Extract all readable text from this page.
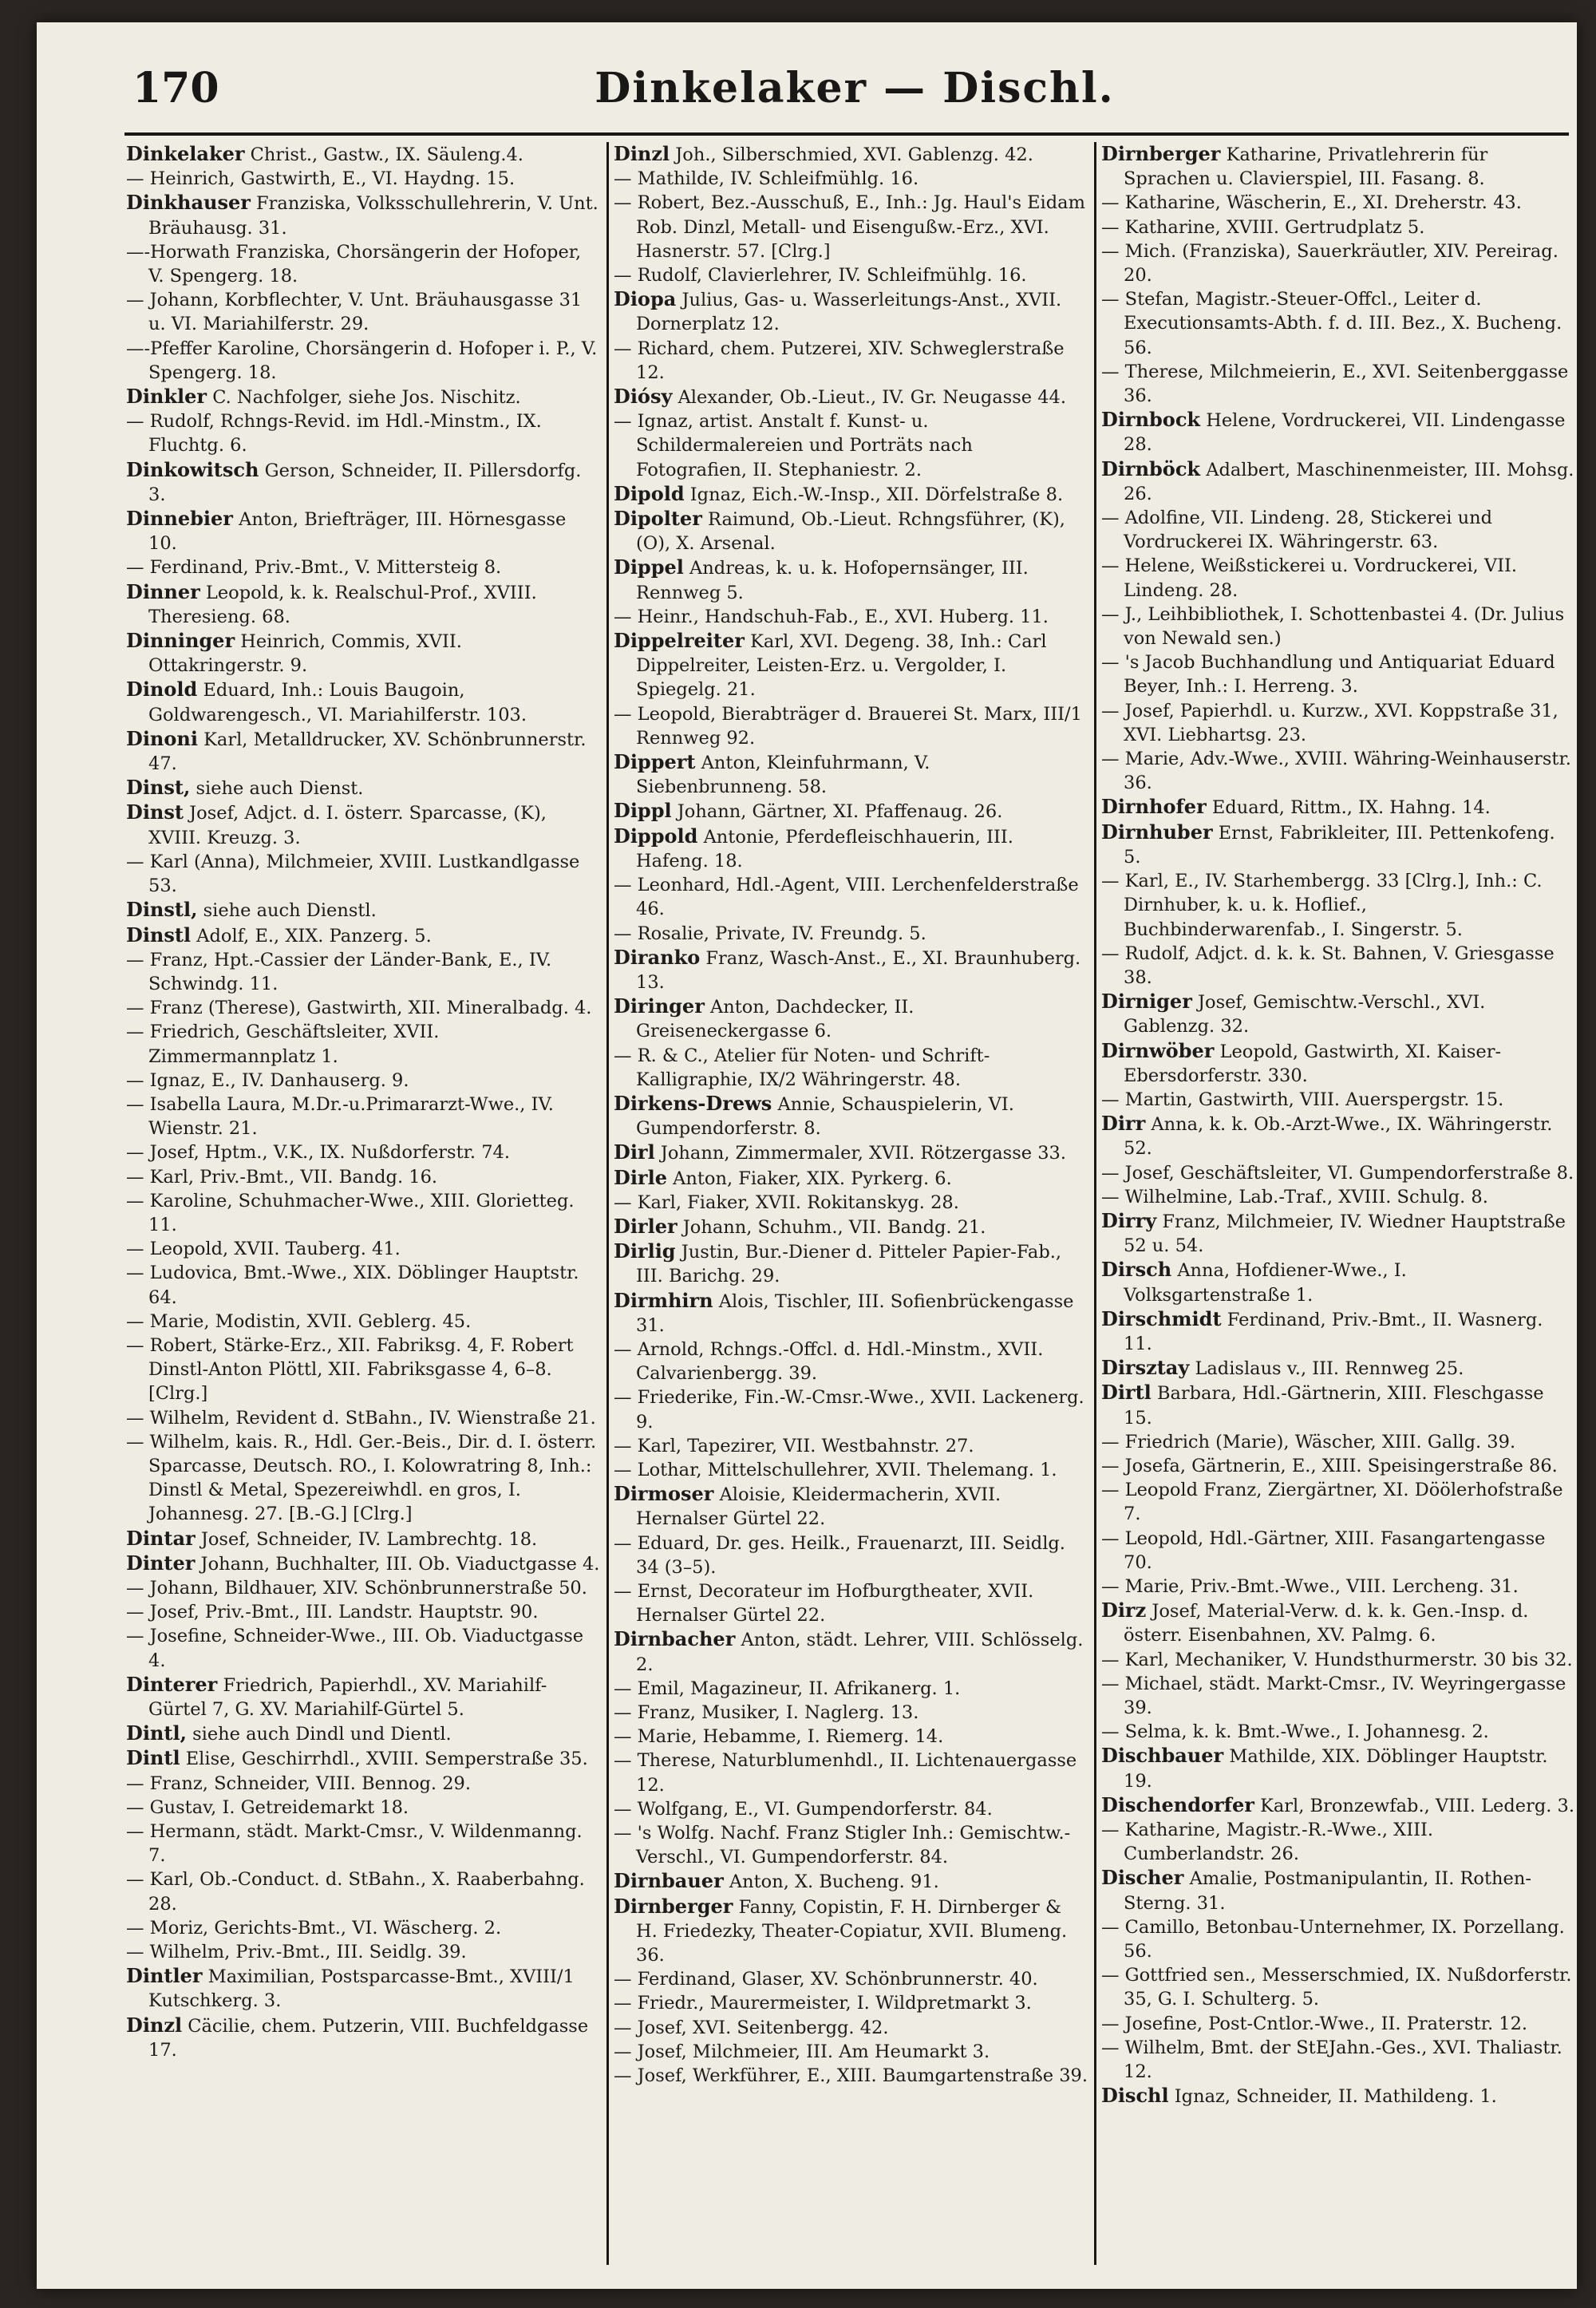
170	Dinkelaker — Dischl.

Dinkelaker Christ., Gastw., IX. Säuleng.4.

— Heinrich, Gastwirth, E., VI. Haydng. 15.

Dinkhauser Franziska, Volksschullehrerin, V. Unt. Bräuhausg. 31.

—-Horwath Franziska, Chorsängerin der Hofoper, V. Spengerg. 18.

— Johann, Korbflechter, V. Unt. Bräuhausgasse 31 u. VI. Mariahilferstr. 29.

—-Pfeffer Karoline, Chorsängerin d. Hofoper i. P., V. Spengerg. 18.

Dinkler C. Nachfolger, siehe Jos. Nischitz.

— Rudolf, Rchngs-Revid. im Hdl.-Minstm., IX. Fluchtg. 6.

Dinkowitsch Gerson, Schneider, II. Pillersdorfg. 3.

Dinnebier Anton, Briefträger, III. Hörnesgasse 10.

— Ferdinand, Priv.-Bmt., V. Mittersteig 8.

Dinner Leopold, k. k. Realschul-Prof., XVIII. Theresieng. 68.

Dinninger Heinrich, Commis, XVII. Ottakringerstr. 9.

Dinold Eduard, Inh.: Louis Baugoin, Goldwarengesch., VI. Mariahilferstr. 103.

Dinoni Karl, Metalldrucker, XV. Schönbrunnerstr. 47.

Dinst, siehe auch Dienst.

Dinst Josef, Adjct. d. I. österr. Sparcasse, (K), XVIII. Kreuzg. 3.

— Karl (Anna), Milchmeier, XVIII. Lustkandlgasse 53.

Dinstl, siehe auch Dienstl.

Dinstl Adolf, E., XIX. Panzerg. 5.

— Franz, Hpt.-Cassier der Länder-Bank, E., IV. Schwindg. 11.

— Franz (Therese), Gastwirth, XII. Mineralbadg. 4.

— Friedrich, Geschäftsleiter, XVII. Zimmermannplatz 1.

— Ignaz, E., IV. Danhauserg. 9.

— Isabella Laura, M.Dr.-u.Primararzt-Wwe., IV. Wienstr. 21.

— Josef, Hptm., V.K., IX. Nußdorferstr. 74.

— Karl, Priv.-Bmt., VII. Bandg. 16.

— Karoline, Schuhmacher-Wwe., XIII. Glorietteg. 11.

— Leopold, XVII. Tauberg. 41.

— Ludovica, Bmt.-Wwe., XIX. Döblinger Hauptstr. 64.

— Marie, Modistin, XVII. Geblerg. 45.

— Robert, Stärke-Erz., XII. Fabriksg. 4, F. Robert Dinstl-Anton Plöttl, XII. Fabriksgasse 4, 6–8. [Clrg.]

— Wilhelm, Revident d. StBahn., IV. Wienstraße 21.

— Wilhelm, kais. R., Hdl. Ger.-Beis., Dir. d. I. österr. Sparcasse, Deutsch. RO., I. Kolowratring 8, Inh.: Dinstl & Metal, Spezereiwhdl. en gros, I. Johannesg. 27. [B.-G.] [Clrg.]

Dintar Josef, Schneider, IV. Lambrechtg. 18.

Dinter Johann, Buchhalter, III. Ob. Viaductgasse 4.

— Johann, Bildhauer, XIV. Schönbrunnerstraße 50.

— Josef, Priv.-Bmt., III. Landstr. Hauptstr. 90.

— Josefine, Schneider-Wwe., III. Ob. Viaductgasse 4.

Dinterer Friedrich, Papierhdl., XV. Mariahilf-Gürtel 7, G. XV. Mariahilf-Gürtel 5.

Dintl, siehe auch Dindl und Dientl.

Dintl Elise, Geschirrhdl., XVIII. Semperstraße 35.

— Franz, Schneider, VIII. Bennog. 29.

— Gustav, I. Getreidemarkt 18.

— Hermann, städt. Markt-Cmsr., V. Wildenmanng. 7.

— Karl, Ob.-Conduct. d. StBahn., X. Raaberbahng. 28.

— Moriz, Gerichts-Bmt., VI. Wäscherg. 2.

— Wilhelm, Priv.-Bmt., III. Seidlg. 39.

Dintler Maximilian, Postsparcasse-Bmt., XVIII/1 Kutschkerg. 3.

Dinzl Cäcilie, chem. Putzerin, VIII. Buchfeldgasse 17.

Dinzl Joh., Silberschmied, XVI. Gablenzg. 42.

— Mathilde, IV. Schleifmühlg. 16.

— Robert, Bez.-Ausschuß, E., Inh.: Jg. Haul's Eidam Rob. Dinzl, Metall- und Eisengußw.-Erz., XVI. Hasnerstr. 57. [Clrg.]

— Rudolf, Clavierlehrer, IV. Schleifmühlg. 16.

Diopa Julius, Gas- u. Wasserleitungs-Anst., XVII. Dornerplatz 12.

— Richard, chem. Putzerei, XIV. Schweglerstraße 12.

Diósy Alexander, Ob.-Lieut., IV. Gr. Neugasse 44.

— Ignaz, artist. Anstalt f. Kunst- u. Schildermalereien und Porträts nach Fotografien, II. Stephaniestr. 2.

Dipold Ignaz, Eich.-W.-Insp., XII. Dörfelstraße 8.

Dipolter Raimund, Ob.-Lieut. Rchngsführer, (K), (O), X. Arsenal.

Dippel Andreas, k. u. k. Hofopernsänger, III. Rennweg 5.

— Heinr., Handschuh-Fab., E., XVI. Huberg. 11.

Dippelreiter Karl, XVI. Degeng. 38, Inh.: Carl Dippelreiter, Leisten-Erz. u. Vergolder, I. Spiegelg. 21.

— Leopold, Bierabträger d. Brauerei St. Marx, III/1 Rennweg 92.

Dippert Anton, Kleinfuhrmann, V. Siebenbrunneng. 58.

Dippl Johann, Gärtner, XI. Pfaffenaug. 26.

Dippold Antonie, Pferdefleischhauerin, III. Hafeng. 18.

— Leonhard, Hdl.-Agent, VIII. Lerchenfelderstraße 46.

— Rosalie, Private, IV. Freundg. 5.

Diranko Franz, Wasch-Anst., E., XI. Braunhuberg. 13.

Diringer Anton, Dachdecker, II. Greiseneckergasse 6.

— R. & C., Atelier für Noten- und Schrift-Kalligraphie, IX/2 Währingerstr. 48.

Dirkens-Drews Annie, Schauspielerin, VI. Gumpendorferstr. 8.

Dirl Johann, Zimmermaler, XVII. Rötzergasse 33.

Dirle Anton, Fiaker, XIX. Pyrkerg. 6.

— Karl, Fiaker, XVII. Rokitanskyg. 28.

Dirler Johann, Schuhm., VII. Bandg. 21.

Dirlig Justin, Bur.-Diener d. Pitteler Papier-Fab., III. Barichg. 29.

Dirmhirn Alois, Tischler, III. Sofienbrückengasse 31.

— Arnold, Rchngs.-Offcl. d. Hdl.-Minstm., XVII. Calvarienbergg. 39.

— Friederike, Fin.-W.-Cmsr.-Wwe., XVII. Lackenerg. 9.

— Karl, Tapezirer, VII. Westbahnstr. 27.

— Lothar, Mittelschullehrer, XVII. Thelemang. 1.

Dirmoser Aloisie, Kleidermacherin, XVII. Hernalser Gürtel 22.

— Eduard, Dr. ges. Heilk., Frauenarzt, III. Seidlg. 34 (3–5).

— Ernst, Decorateur im Hofburgtheater, XVII. Hernalser Gürtel 22.

Dirnbacher Anton, städt. Lehrer, VIII. Schlösselg. 2.

— Emil, Magazineur, II. Afrikanerg. 1.

— Franz, Musiker, I. Naglerg. 13.

— Marie, Hebamme, I. Riemerg. 14.

— Therese, Naturblumenhdl., II. Lichtenauergasse 12.

— Wolfgang, E., VI. Gumpendorferstr. 84.

— 's Wolfg. Nachf. Franz Stigler Inh.: Gemischtw.-Verschl., VI. Gumpendorferstr. 84.

Dirnbauer Anton, X. Bucheng. 91.

Dirnberger Fanny, Copistin, F. H. Dirnberger & H. Friedezky, Theater-Copiatur, XVII. Blumeng. 36.

— Ferdinand, Glaser, XV. Schönbrunnerstr. 40.

— Friedr., Maurermeister, I. Wildpretmarkt 3.

— Josef, XVI. Seitenbergg. 42.

— Josef, Milchmeier, III. Am Heumarkt 3.

— Josef, Werkführer, E., XIII. Baumgartenstraße 39.

Dirnberger Katharine, Privatlehrerin für Sprachen u. Clavierspiel, III. Fasang. 8.

— Katharine, Wäscherin, E., XI. Dreherstr. 43.

— Katharine, XVIII. Gertrudplatz 5.

— Mich. (Franziska), Sauerkräutler, XIV. Pereirag. 20.

— Stefan, Magistr.-Steuer-Offcl., Leiter d. Executionsamts-Abth. f. d. III. Bez., X. Bucheng. 56.

— Therese, Milchmeierin, E., XVI. Seitenberggasse 36.

Dirnbock Helene, Vordruckerei, VII. Lindengasse 28.

Dirnböck Adalbert, Maschinenmeister, III. Mohsg. 26.

— Adolfine, VII. Lindeng. 28, Stickerei und Vordruckerei IX. Währingerstr. 63.

— Helene, Weißstickerei u. Vordruckerei, VII. Lindeng. 28.

— J., Leihbibliothek, I. Schottenbastei 4. (Dr. Julius von Newald sen.)

— 's Jacob Buchhandlung und Antiquariat Eduard Beyer, Inh.: I. Herreng. 3.

— Josef, Papierhdl. u. Kurzw., XVI. Koppstraße 31, XVI. Liebhartsg. 23.

— Marie, Adv.-Wwe., XVIII. Währing-Weinhauserstr. 36.

Dirnhofer Eduard, Rittm., IX. Hahng. 14.

Dirnhuber Ernst, Fabrikleiter, III. Pettenkofeng. 5.

— Karl, E., IV. Starhembergg. 33 [Clrg.], Inh.: C. Dirnhuber, k. u. k. Hoflief., Buchbinderwarenfab., I. Singerstr. 5.

— Rudolf, Adjct. d. k. k. St. Bahnen, V. Griesgasse 38.

Dirniger Josef, Gemischtw.-Verschl., XVI. Gablenzg. 32.

Dirnwöber Leopold, Gastwirth, XI. Kaiser-Ebersdorferstr. 330.

— Martin, Gastwirth, VIII. Auerspergstr. 15.

Dirr Anna, k. k. Ob.-Arzt-Wwe., IX. Währingerstr. 52.

— Josef, Geschäftsleiter, VI. Gumpendorferstraße 8.

— Wilhelmine, Lab.-Traf., XVIII. Schulg. 8.

Dirry Franz, Milchmeier, IV. Wiedner Hauptstraße 52 u. 54.

Dirsch Anna, Hofdiener-Wwe., I. Volksgartenstraße 1.

Dirschmidt Ferdinand, Priv.-Bmt., II. Wasnerg. 11.

Dirsztay Ladislaus v., III. Rennweg 25.

Dirtl Barbara, Hdl.-Gärtnerin, XIII. Fleschgasse 15.

— Friedrich (Marie), Wäscher, XIII. Gallg. 39.

— Josefa, Gärtnerin, E., XIII. Speisingerstraße 86.

— Leopold Franz, Ziergärtner, XI. Döölerhofstraße 7.

— Leopold, Hdl.-Gärtner, XIII. Fasangartengasse 70.

— Marie, Priv.-Bmt.-Wwe., VIII. Lercheng. 31.

Dirz Josef, Material-Verw. d. k. k. Gen.-Insp. d. österr. Eisenbahnen, XV. Palmg. 6.

— Karl, Mechaniker, V. Hundsthurmerstr. 30 bis 32.

— Michael, städt. Markt-Cmsr., IV. Weyringergasse 39.

— Selma, k. k. Bmt.-Wwe., I. Johannesg. 2.

Dischbauer Mathilde, XIX. Döblinger Hauptstr. 19.

Dischendorfer Karl, Bronzewfab., VIII. Lederg. 3.

— Katharine, Magistr.-R.-Wwe., XIII. Cumberlandstr. 26.

Discher Amalie, Postmanipulantin, II. Rothen-Sterng. 31.

— Camillo, Betonbau-Unternehmer, IX. Porzellang. 56.

— Gottfried sen., Messerschmied, IX. Nußdorferstr. 35, G. I. Schulterg. 5.

— Josefine, Post-Cntlor.-Wwe., II. Praterstr. 12.

— Wilhelm, Bmt. der StEJahn.-Ges., XVI. Thaliastr. 12.

Dischl Ignaz, Schneider, II. Mathildeng. 1.
